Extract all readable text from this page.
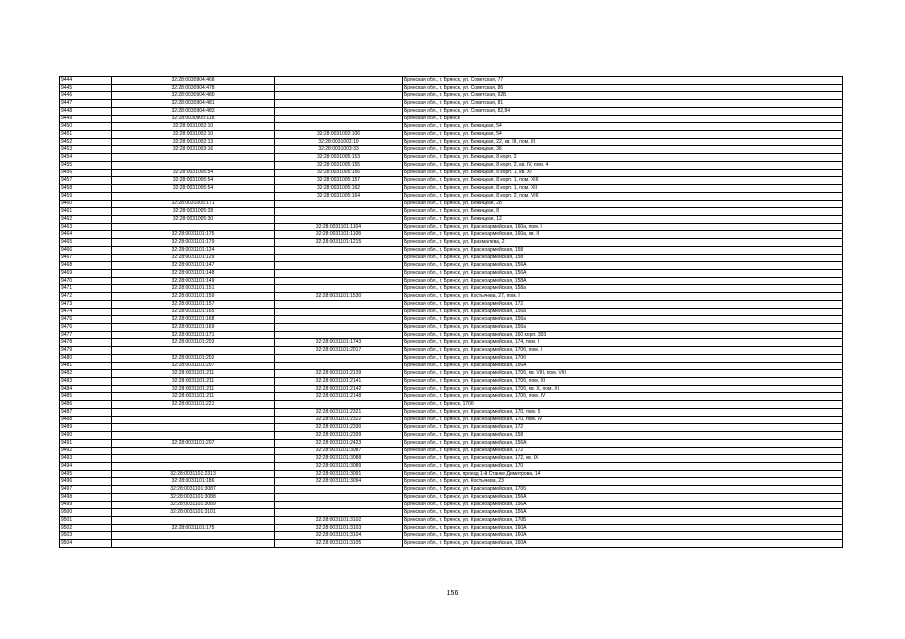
9444	32:28:0030904:468		Брянская обл., г. Брянск, ул. Советская, 77
9445	32:28:0030904:478		Брянская обл., г. Брянск, ул. Советская, 86
9446	32:28:0030904:480		Брянская обл., г. Брянск, ул. Советская, 92Б
9447	32:28:0030904:481		Брянская обл., г. Брянск, ул. Советская, 81
9448	32:28:0030904:483		Брянская обл., г. Брянск, ул. Советская, 82,84
9449	32:28:0030905:118		Брянская обл., г. Брянск
9450	32:28:0031002:10		Брянская обл., г. Брянск, ул. Бежицкая, 54
9451	32:28:0031002:10	32:28:0031002:106	Брянская обл., г. Брянск, ул. Бежицкая, 54
9452	32:28:0031002:13	32:28:0031002:19	Брянская обл., г. Брянск, ул. Бежицкая, 22, кв. III, пом. III
9453	32:28:0031003:16	32:28:0031003:33	Брянская обл., г. Брянск, ул. Бежицкая, 36
9454		32:28:0031005:153	Брянская обл., г. Брянск, ул. Бежицкая, 8 корп. 2
9455		32:28:0031005:155	Брянская обл., г. Брянск, ул. Бежицкая, 8 корп. 2, кв. IV, пом. 4
9456	32:28:0031005:54	32:28:0031005:156	Брянская обл., г. Брянск, ул. Бежицкая, 8 корп. 1, кв. XI
9457	32:28:0031005:54	32:28:0031005:157	Брянская обл., г. Брянск, ул. Бежицкая, 8 корп. 1, пом. XIII
9458	32:28:0031005:54	32:28:0031005:162	Брянская обл., г. Брянск, ул. Бежицкая, 8 корп. 1, пом. XII
9459		32:28:0031005:164	Брянская обл., г. Брянск, ул. Бежицкая, 8 корп. 2, пом. VIII
9460	32:28:0031005:171		Брянская обл., г. Брянск, ул. Бежицкая, 28
9461	32:28:0031005:28		Брянская обл., г. Брянск, ул. Бежицкая, 8
9462	32:28:0031005:30		Брянская обл., г. Брянск, ул. Бежицкая, 12
9463		32:28:0031101:1104	Брянская обл., г. Брянск, ул. Красноармейская, 160а, пом. I
9464	32:28:0031101:175	32:28:0031101:1108	Брянская обл., г. Брянск, ул. Красноармейская, 160а, кв. II
9465	32:28:0031101:179	32:28:0031101:1215	Брянская обл., г. Брянск, ул. Крахмалева, 2
9466	32:28:0031101:124		Брянская обл., г. Брянск, ул. Красноармейская, 158
9467	32:28:0031101:129		Брянская обл., г. Брянск, ул. Красноармейская, 158
9468	32:28:0031101:147		Брянская обл., г. Брянск, ул. Красноармейская, 156А
9469	32:28:0031101:148		Брянская обл., г. Брянск, ул. Красноармейская, 156А
9470	32:28:0031101:149		Брянская обл., г. Брянск, ул. Красноармейская, 158А
9471	32:28:0031101:151		Брянская обл., г. Брянск, ул. Красноармейская, 158а
9472	32:28:0031101:159	32:28:0031101:1530	Брянская обл., г. Брянск, ул. Костычева, 27, пом. I
9473	32:28:0031101:157		Брянская обл., г. Брянск, ул. Красноармейская, 172
9474	32:28:0031101:165		Брянская обл., г. Брянск, ул. Красноармейская, 156а
9475	32:28:0031101:168		Брянская обл., г. Брянск, ул. Красноармейская, 156а
9476	32:28:0031101:169		Брянская обл., г. Брянск, ул. Красноармейская, 156а
9477	32:28:0031101:171		Брянская обл., г. Брянск, ул. Красноармейская, 160 корп. 303
9478	32:28:0031101:203	32:28:0031101:1743	Брянская обл., г. Брянск, ул. Красноармейская, 174, пом. I
9479		32:28:0031101:2017	Брянская обл., г. Брянск, ул. Красноармейская, 170б, пом. I
9480	32:28:0031101:202		Брянская обл., г. Брянск, ул. Красноармейская, 170б
9481	32:28:0031101:207		Брянская обл., г. Брянск, ул. Красноармейская, 156А
9482	32:28:0031101:211	32:28:0031101:2139	Брянская обл., г. Брянск, ул. Красноармейская, 170б, кв. VIII, пом. VIII
9483	32:28:0031101:211	32:28:0031101:2141	Брянская обл., г. Брянск, ул. Красноармейская, 170б, пом. XI
9484	32:28:0031101:211	32:28:0031101:2142	Брянская обл., г. Брянск, ул. Красноармейская, 170б, кв. X, пом. XI
9485	32:28:0031101:211	32:28:0031101:2148	Брянская обл., г. Брянск, ул. Красноармейская, 170б, пом. IV
9486	32:28:0031101:221		Брянская обл., г. Брянск, 170б
9487		32:28:0031101:2321	Брянская обл., г. Брянск, ул. Красноармейская, 170, пом. 5
9488		32:28:0031101:2322	Брянская обл., г. Брянск, ул. Красноармейская, 170, пом. IV
9489		32:28:0031101:2330	Брянская обл., г. Брянск, ул. Красноармейская, 172
9490		32:28:0031101:2339	Брянская обл., г. Брянск, ул. Красноармейская, 158
9491	32:28:0031101:207	32:28:0031101:2423	Брянская обл., г. Брянск, ул. Красноармейская, 156А
9492		32:28:0031101:3087	Брянская обл., г. Брянск, ул. Красноармейская, 172
9493		32:28:0031101:3088	Брянская обл., г. Брянск, ул. Красноармейская, 172, кв. IX
9494		32:28:0031101:3089	Брянская обл., г. Брянск, ул. Красноармейская, 170
9495	32:28:0031101:2313	32:28:0031101:3091	Брянская обл., г. Брянск, проезд 1-й Станке Димитрова, 14
9496	32:28:0031101:186	32:28:0031101:3094	Брянская обл., г. Брянск, ул. Костычева, 23
9497	32:28:0031101:3087		Брянская обл., г. Брянск, ул. Красноармейская, 170б
9498	32:28:0031101:3088		Брянская обл., г. Брянск, ул. Красноармейская, 156А
9499	32:28:0031101:3089		Брянская обл., г. Брянск, ул. Красноармейская, 156А
9500	32:28:0031101:3101		Брянская обл., г. Брянск, ул. Красноармейская, 156А
9501		32:28:0031101:3102	Брянская обл., г. Брянск, ул. Красноармейская, 170Б
9502	32:28:0031101:175	32:28:0031101:3103	Брянская обл., г. Брянск, ул. Красноармейская, 160А
9503		32:28:0031101:3104	Брянская обл., г. Брянск, ул. Красноармейская, 160А
9504		32:28:0031101:3105	Брянская обл., г. Брянск, ул. Красноармейская, 160А
156
